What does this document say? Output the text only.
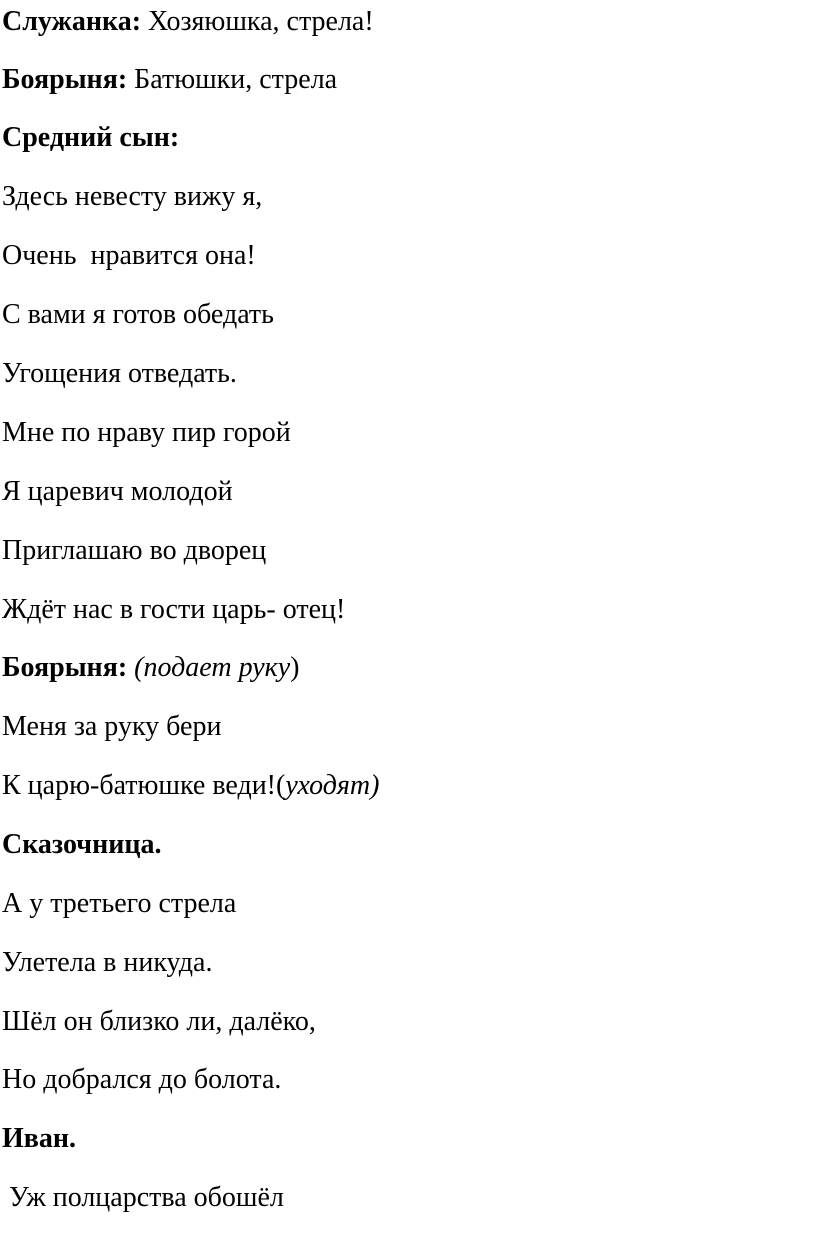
Служанка: Хозяюшка, стрела!
Боярыня: Батюшки, стрела
Средний сын:
Здесь невесту вижу я,
Очень  нравится она!
С вами я готов обедать
Угощения отведать.
Мне по нраву пир горой
Я царевич молодой
Приглашаю во дворец
Ждёт нас в гости царь- отец!
Боярыня: (подает руку)
Меня за руку бери
К царю-батюшке веди!(уходят)
Сказочница.
А у третьего стрела
Улетела в никуда.
Шёл он близко ли, далёко,
Но добрался до болота.
Иван.
Уж полцарства обошёл
